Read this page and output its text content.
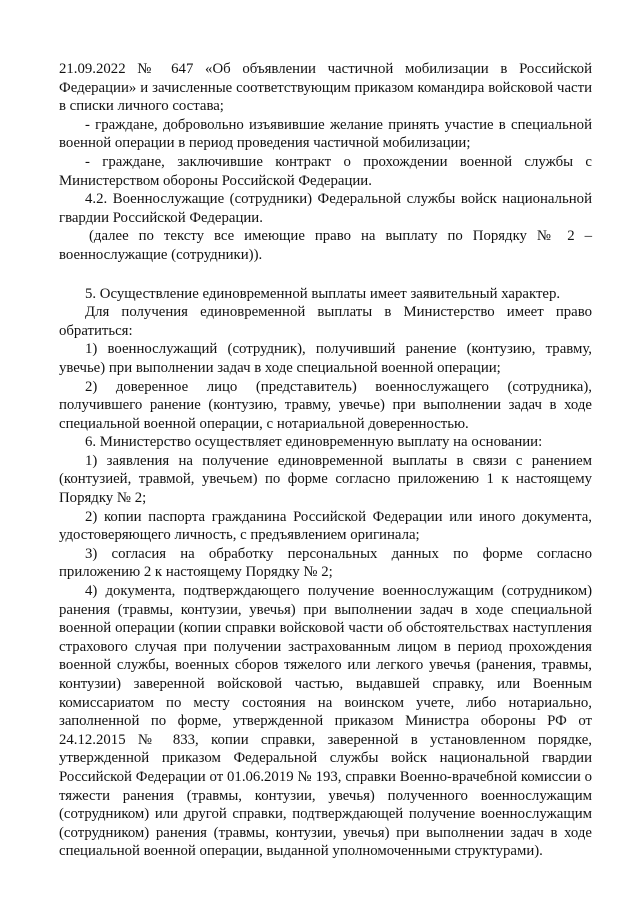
21.09.2022 № 647 «Об объявлении частичной мобилизации в Российской Федерации» и зачисленные соответствующим приказом командира войсковой части в списки личного состава;

- граждане, добровольно изъявившие желание принять участие в специальной военной операции в период проведения частичной мобилизации;

- граждане, заключившие контракт о прохождении военной службы с Министерством обороны Российской Федерации.

4.2. Военнослужащие (сотрудники) Федеральной службы войск национальной гвардии Российской Федерации.

(далее по тексту все имеющие право на выплату по Порядку № 2 – военнослужащие (сотрудники)).

5. Осуществление единовременной выплаты имеет заявительный характер.

Для получения единовременной выплаты в Министерство имеет право обратиться:

1) военнослужащий (сотрудник), получивший ранение (контузию, травму, увечье) при выполнении задач в ходе специальной военной операции;

2) доверенное лицо (представитель) военнослужащего (сотрудника), получившего ранение (контузию, травму, увечье) при выполнении задач в ходе специальной военной операции, с нотариальной доверенностью.

6. Министерство осуществляет единовременную выплату на основании:

1) заявления на получение единовременной выплаты в связи с ранением (контузией, травмой, увечьем) по форме согласно приложению 1 к настоящему Порядку № 2;

2) копии паспорта гражданина Российской Федерации или иного документа, удостоверяющего личность, с предъявлением оригинала;

3) согласия на обработку персональных данных по форме согласно приложению 2 к настоящему Порядку № 2;

4) документа, подтверждающего получение военнослужащим (сотрудником) ранения (травмы, контузии, увечья) при выполнении задач в ходе специальной военной операции (копии справки войсковой части об обстоятельствах наступления страхового случая при получении застрахованным лицом в период прохождения военной службы, военных сборов тяжелого или легкого увечья (ранения, травмы, контузии) заверенной войсковой частью, выдавшей справку, или Военным комиссариатом по месту состояния на воинском учете, либо нотариально, заполненной по форме, утвержденной приказом Министра обороны РФ от 24.12.2015 № 833, копии справки, заверенной в установленном порядке, утвержденной приказом Федеральной службы войск национальной гвардии Российской Федерации от 01.06.2019 № 193, справки Военно-врачебной комиссии о тяжести ранения (травмы, контузии, увечья) полученного военнослужащим (сотрудником) или другой справки, подтверждающей получение военнослужащим (сотрудником) ранения (травмы, контузии, увечья) при выполнении задач в ходе специальной военной операции, выданной уполномоченными структурами).
